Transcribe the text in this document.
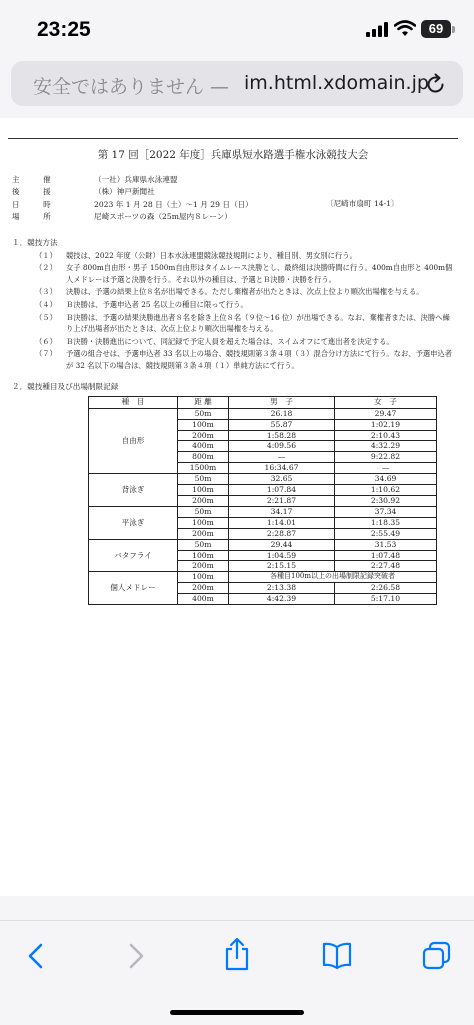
23:25	69
安全ではありません — im.html.xdomain.jp
第 17 回［2022 年度］兵庫県短水路選手権水泳競技大会
主　催	（一社）兵庫県水泳連盟
後　援	（株）神戸新聞社
日　時	2023 年 1 月 28 日（土）～1 月 29 日（日）
場　所	尼崎スポーツの森（25m屋内８レーン）
〔尼崎市扇町 14-1〕
１．競技方法
（１） 競技は、2022 年度（公財）日本水泳連盟競泳競技規則により、種目別、男女別に行う。
（２） 女子 800m自由形・男子 1500m自由形はタイムレース決勝とし、最終組は決勝時間に行う。400m自由形と 400m個人メドレーは予選と決勝を行う。それ以外の種目は、予選とＢ決勝・決勝を行う。
（３） 決勝は、予選の結果上位８名が出場できる。ただし棄権者が出たときは、次点上位より順次出場権を与える。
（４） Ｂ決勝は、予選申込者 25 名以上の種目に限って行う。
（５） Ｂ決勝は、予選の結果決勝進出者８名を除き上位８名（９位～16 位）が出場できる。なお、棄権者または、決勝へ繰り上げ出場者が出たときは、次点上位より順次出場権を与える。
（６） Ｂ決勝・決勝進出について、同記録で予定人員を超えた場合は、スイムオフにて進出者を決定する。
（７） 予選の組合せは、予選申込者 33 名以上の場合、競技規則第３条４項（３）混合分け方法にて行う。なお、予選申込者が 32 名以下の場合は、競技規則第３条４項（１）単純方法にて行う。
２．競技種目及び出場制限記録
種　目	距 離	男　子	女　子
自由形	50m	26.18	29.47
	100m	55.87	1:02.19
	200m	1:58.28	2:10.43
	400m	4:09.56	4:32.29
	800m	—	9:22.82
	1500m	16:34.67	—
背泳ぎ	50m	32.65	34.69
	100m	1:07.84	1:10.62
	200m	2:21.87	2:30.92
平泳ぎ	50m	34.17	37.34
	100m	1:14.01	1:18.35
	200m	2:28.87	2:55.49
バタフライ	50m	29.44	31.53
	100m	1:04.59	1:07.48
	200m	2:15.15	2:27.48
個人メドレー	100m	各種目100m以上の出場制限記録突破者	
	200m	2:13.38	2:26.58
	400m	4:42.39	5:17.10
